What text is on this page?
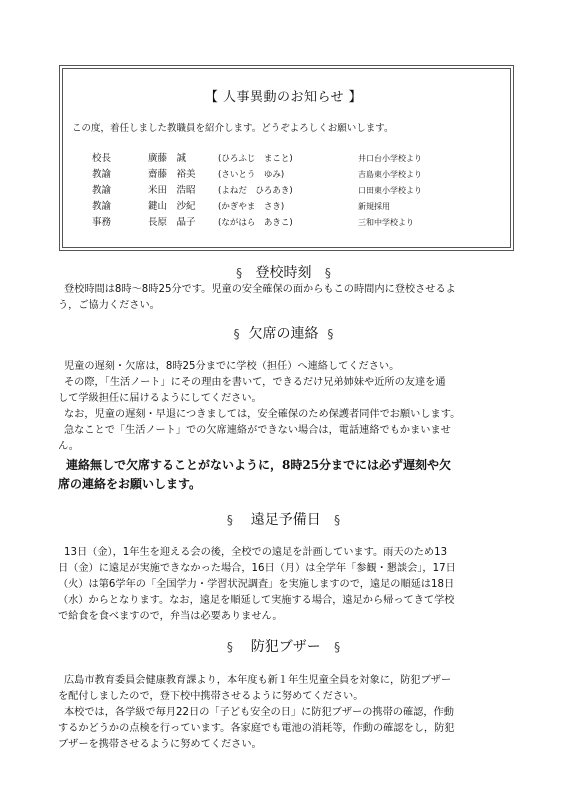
【 人事異動のお知らせ 】
この度，着任しました教職員を紹介します。どうぞよろしくお願いします。
校長	廣藤　誠	(ひろふじ　まこと)	井口台小学校より
教諭	齋藤　裕美	(さいとう　ゆみ)	吉島東小学校より
教諭	米田　浩昭	(よねだ　ひろあき)	口田東小学校より
教諭	鍵山　沙紀	(かぎやま　さき)	新規採用
事務	長原　晶子	(ながはら　あきこ)	三和中学校より
§ 登校時刻 §

登校時間は8時～8時25分です。児童の安全確保の面からもこの時間内に登校させるよ

う，ご協力ください。

§ 欠席の連絡 §

児童の遅刻・欠席は，8時25分までに学校（担任）へ連絡してください。

その際，「生活ノート」にその理由を書いて，できるだけ兄弟姉妹や近所の友達を通

して学級担任に届けるようにしてください。

なお，児童の遅刻・早退につきましては，安全確保のため保護者同伴でお願いします。

急なことで「生活ノート」での欠席連絡ができない場合は，電話連絡でもかまいませ

ん。

連絡無しで欠席することがないように，8時25分までには必ず遅刻や欠
席の連絡をお願いします。
§ 遠足予備日 §

13日（金），1年生を迎える会の後，全校での遠足を計画しています。雨天のため13

日（金）に遠足が実施できなかった場合，16日（月）は全学年「参観・懇談会」，17日

（火）は第6学年の「全国学力・学習状況調査」を実施しますので，遠足の順延は18日

（水）からとなります。なお，遠足を順延して実施する場合，遠足から帰ってきて学校

で給食を食べますので，弁当は必要ありません。

§ 防犯ブザー §

広島市教育委員会健康教育課より，本年度も新１年生児童全員を対象に，防犯ブザー

を配付しましたので，登下校中携帯させるように努めてください。

本校では，各学級で毎月22日の「子ども安全の日」に防犯ブザーの携帯の確認，作動

するかどうかの点検を行っています。各家庭でも電池の消耗等，作動の確認をし，防犯

ブザーを携帯させるように努めてください。
